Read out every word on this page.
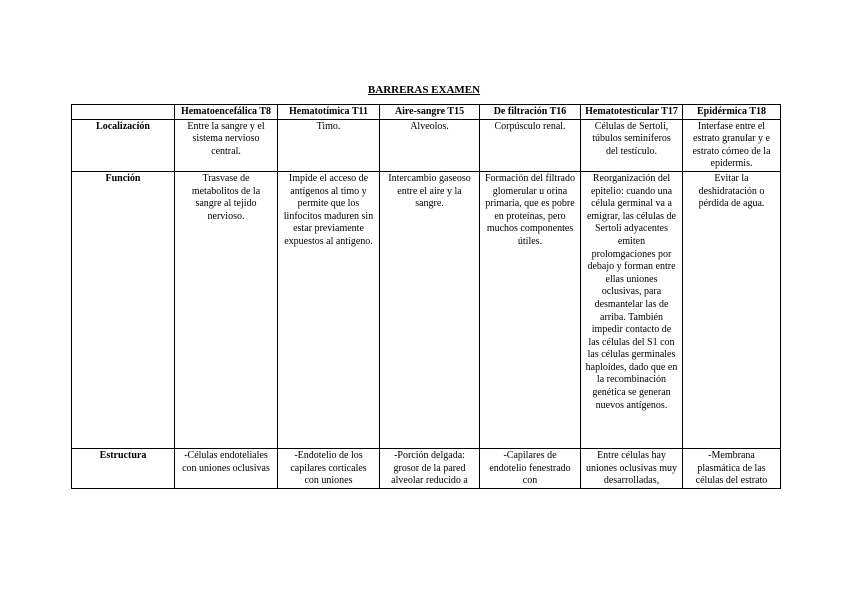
BARRERAS EXAMEN
	Hematoencefálica T8	Hematotímica T11	Aire-sangre T15	De filtración T16	Hematotesticular T17	Epidérmica T18
Localización	Entre la sangre y el sistema nervioso central.	Timo.	Alveolos.	Corpúsculo renal.	Células de Sertoli, túbulos seminíferos del testículo.	Interfase entre el estrato granular y e estrato córneo de la epidermis.
Función	Trasvase de metabolitos de la sangre al tejido nervioso.	Impide el acceso de antígenos al timo y permite que los linfocitos maduren sin estar previamente expuestos al antígeno.	Intercambio gaseoso entre el aire y la sangre.	Formación del filtrado glomerular u orina primaria, que es pobre en proteínas, pero muchos componentes útiles.	Reorganización del epitelio: cuando una célula germinal va a emigrar, las células de Sertoli adyacentes emiten prolomgaciones por debajo y forman entre ellas uniones oclusivas, para desmantelar las de arriba. También impedir contacto de las células del S1 con las células germinales haploides, dado que en la recombinación genética se generan nuevos antígenos.	Evitar la deshidratación o pérdida de agua.
Estructura	-Células endoteliales con uniones oclusivas	-Endotelio de los capilares corticales con uniones	-Porción delgada: grosor de la pared alveolar reducido a	-Capilares de endotelio fenestrado con	Entre células hay uniones oclusivas muy desarrolladas,	-Membrana plasmática de las células del estrato
